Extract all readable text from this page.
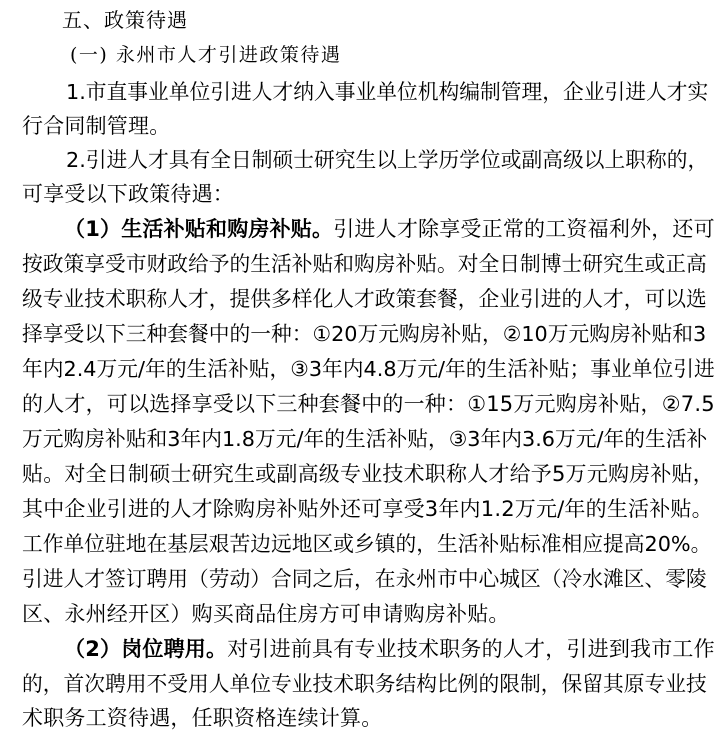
五、政策待遇
(一) 永州市人才引进政策待遇
1.市直事业单位引进人才纳入事业单位机构编制管理，企业引进人才实
行合同制管理。
2.引进人才具有全日制硕士研究生以上学历学位或副高级以上职称的，
可享受以下政策待遇：
（1）生活补贴和购房补贴。引进人才除享受正常的工资福利外，还可
按政策享受市财政给予的生活补贴和购房补贴。对全日制博士研究生或正高
级专业技术职称人才，提供多样化人才政策套餐，企业引进的人才，可以选
择享受以下三种套餐中的一种：①20万元购房补贴，②10万元购房补贴和3
年内2.4万元/年的生活补贴，③3年内4.8万元/年的生活补贴；事业单位引进
的人才，可以选择享受以下三种套餐中的一种：①15万元购房补贴，②7.5
万元购房补贴和3年内1.8万元/年的生活补贴，③3年内3.6万元/年的生活补
贴。对全日制硕士研究生或副高级专业技术职称人才给予5万元购房补贴，
其中企业引进的人才除购房补贴外还可享受3年内1.2万元/年的生活补贴。
工作单位驻地在基层艰苦边远地区或乡镇的，生活补贴标准相应提高20%。
引进人才签订聘用（劳动）合同之后，在永州市中心城区（冷水滩区、零陵
区、永州经开区）购买商品住房方可申请购房补贴。
（2）岗位聘用。对引进前具有专业技术职务的人才，引进到我市工作
的，首次聘用不受用人单位专业技术职务结构比例的限制，保留其原专业技
术职务工资待遇，任职资格连续计算。
